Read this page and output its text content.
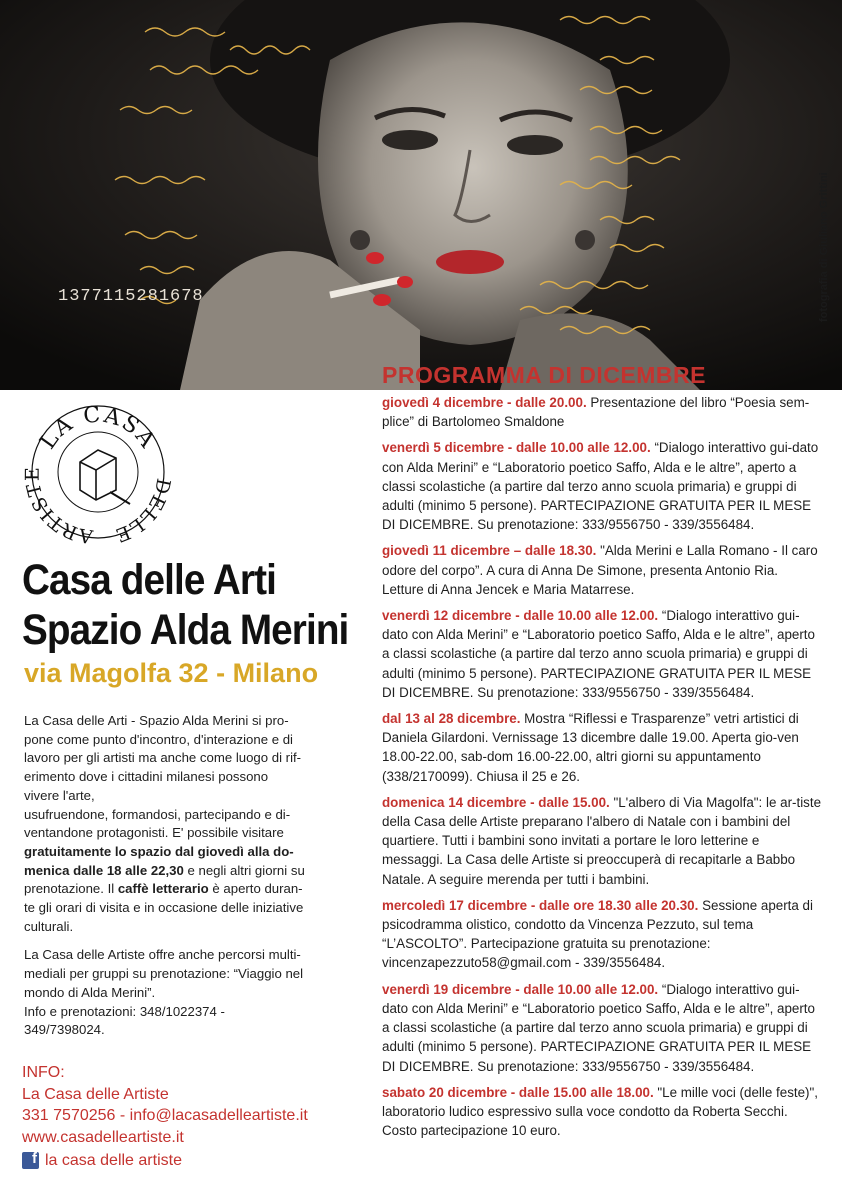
1377115281678	fotografia di Giuliano Grittini
LA CASA
ARTISTE
DELLE
Casa delle Arti
Spazio Alda Merini
via Magolfa 32 - Milano

La Casa delle Arti - Spazio Alda Merini si pro-

pone come punto d'incontro, d'interazione e di

lavoro per gli artisti ma anche come luogo di rif-

erimento dove i cittadini milanesi possono

vivere l'arte,

usufruendone, formandosi, partecipando e di-

ventandone protagonisti. E' possibile visitare

gratuitamente lo spazio dal giovedì alla do-

menica dalle 18 alle 22,30 e negli altri giorni su

prenotazione. Il caffè letterario è aperto duran-

te gli orari di visita e in occasione delle iniziative

culturali.

La Casa delle Artiste offre anche percorsi multi-

mediali per gruppi su prenotazione: “Viaggio nel

mondo di Alda Merini”.

Info e prenotazioni: 348/1022374 -

349/7398024.

INFO:
La Casa delle Artiste
331 7570256 - info@lacasadelleartiste.it
www.casadelleartiste.it
f la casa delle artiste
PROGRAMMA DI DICEMBRE

giovedì 4 dicembre - dalle 20.00. Presentazione del libro “Poesia sem-plice” di Bartolomeo Smaldone

venerdì 5 dicembre - dalle 10.00 alle 12.00. “Dialogo interattivo gui-dato con Alda Merini” e “Laboratorio poetico Saffo, Alda e le altre”, aperto a classi scolastiche (a partire dal terzo anno scuola primaria) e gruppi di adulti (minimo 5 persone). PARTECIPAZIONE GRATUITA PER IL MESE DI DICEMBRE. Su prenotazione: 333/9556750 - 339/3556484.

giovedì 11 dicembre – dalle 18.30. "Alda Merini e Lalla Romano - Il caro odore del corpo”. A cura di Anna De Simone, presenta Antonio Ria. Letture di Anna Jencek e Maria Matarrese.

venerdì 12 dicembre - dalle 10.00 alle 12.00. “Dialogo interattivo gui-dato con Alda Merini” e “Laboratorio poetico Saffo, Alda e le altre”, aperto a classi scolastiche (a partire dal terzo anno scuola primaria) e gruppi di adulti (minimo 5 persone). PARTECIPAZIONE GRATUITA PER IL MESE DI DICEMBRE. Su prenotazione: 333/9556750 - 339/3556484.

dal 13 al 28 dicembre. Mostra “Riflessi e Trasparenze” vetri artistici di Daniela Gilardoni. Vernissage 13 dicembre dalle 19.00. Aperta gio-ven 18.00-22.00, sab-dom 16.00-22.00, altri giorni su appuntamento (338/2170099). Chiusa il 25 e 26.

domenica 14 dicembre - dalle 15.00. "L'albero di Via Magolfa": le ar-tiste della Casa delle Artiste preparano l'albero di Natale con i bambini del quartiere. Tutti i bambini sono invitati a portare le loro letterine e messaggi. La Casa delle Artiste si preoccuperà di recapitarle a Babbo Natale. A seguire merenda per tutti i bambini.

mercoledì 17 dicembre - dalle ore 18.30 alle 20.30. Sessione aperta di psicodramma olistico, condotto da Vincenza Pezzuto, sul tema “L’ASCOLTO”. Partecipazione gratuita su prenotazione: vincenzapezzuto58@gmail.com - 339/3556484.

venerdì 19 dicembre - dalle 10.00 alle 12.00. “Dialogo interattivo gui-dato con Alda Merini” e “Laboratorio poetico Saffo, Alda e le altre”, aperto a classi scolastiche (a partire dal terzo anno scuola primaria) e gruppi di adulti (minimo 5 persone). PARTECIPAZIONE GRATUITA PER IL MESE DI DICEMBRE. Su prenotazione: 333/9556750 - 339/3556484.

sabato 20 dicembre - dalle 15.00 alle 18.00. "Le mille voci (delle feste)", laboratorio ludico espressivo sulla voce condotto da Roberta Secchi. Costo partecipazione 10 euro.
